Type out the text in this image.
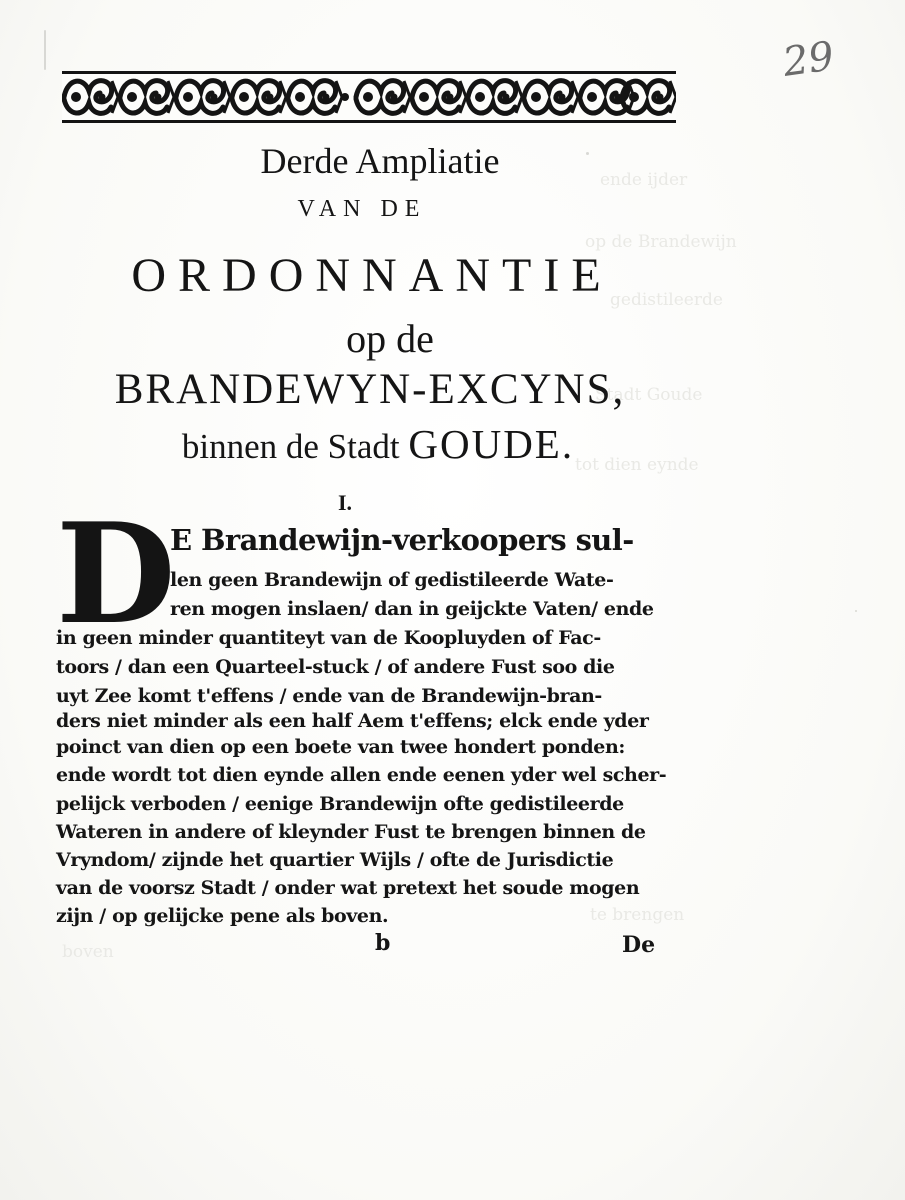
ende ijder
op de Brandewijn
gedistileerde
Stadt Goude
tot dien eynde
boven
te brengen
29
Derde Ampliatie
VAN DE
ORDONNANTIE
op de
BRANDEWYN-EXCYNS,
binnen de Stadt GOUDE.
I.
D
E Brandewijn-verkoopers sul-
len geen Brandewijn of gedistileerde Wate-
ren mogen inslaen/ dan in geijckte Vaten/ ende
in geen minder quantiteyt van de Koopluyden of Fac-
toors / dan een Quarteel-stuck / of andere Fust soo die
uyt Zee komt t'effens / ende van de Brandewijn-bran-
ders niet minder als een half Aem t'effens; elck ende yder
poinct van dien op een boete van twee hondert ponden:
ende wordt tot dien eynde allen ende eenen yder wel scher-
pelijck verboden / eenige Brandewijn ofte gedistileerde
Wateren in andere of kleynder Fust te brengen binnen de
Vryndom/ zijnde het quartier Wijls / ofte de Jurisdictie
van de voorsz Stadt / onder wat pretext het soude mogen
zijn / op gelijcke pene als boven.
b	De
